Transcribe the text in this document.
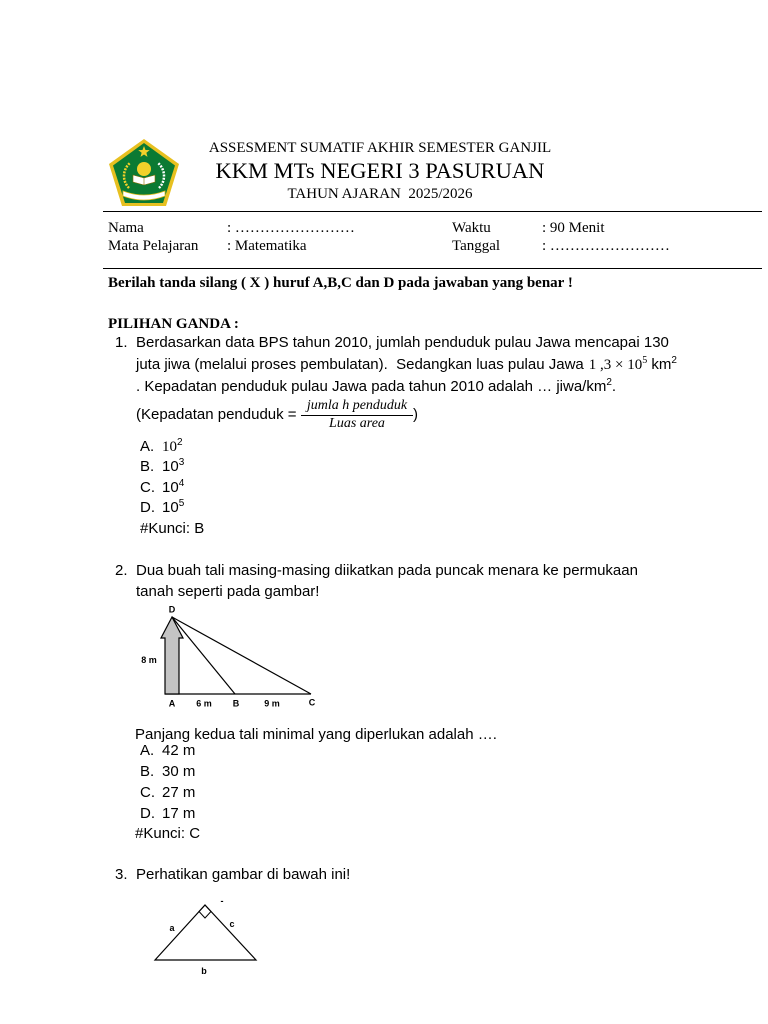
ASSESMENT SUMATIF AKHIR SEMESTER GANJIL
KKM MTs NEGERI 3 PASURUAN
TAHUN AJARAN  2025/2026
Nama	: ……………………	Waktu	: 90 Menit
Mata Pelajaran : Matematika	Tanggal	: ……………………
Berilah tanda silang ( X ) huruf A,B,C dan D pada jawaban yang benar !
PILIHAN GANDA :
1. Berdasarkan data BPS tahun 2010, jumlah penduduk pulau Jawa mencapai 130
juta jiwa (melalui proses pembulatan).  Sedangkan luas pulau Jawa 1 $,3 \times 10^5$ $km^2$
. Kepadatan penduduk pulau Jawa pada tahun 2010 adalah … jiwa/$km^2$.
(Kepadatan penduduk =
jumla h penduduk
Luas area
)
A. $10^2$
B. $10^3$
C. $10^4$
D. $10^5$
#Kunci: B
2. Dua buah tali masing-masing diikatkan pada puncak menara ke permukaan
tanah seperti pada gambar!
D
8 m
A 6 m B	9 m	C
Panjang kedua tali minimal yang diperlukan adalah ….
A. 42 m
B. 30 m
C. 27 m
D. 17 m
#Kunci: C
3. Perhatikan gambar di bawah ini!
a	c
b
-
